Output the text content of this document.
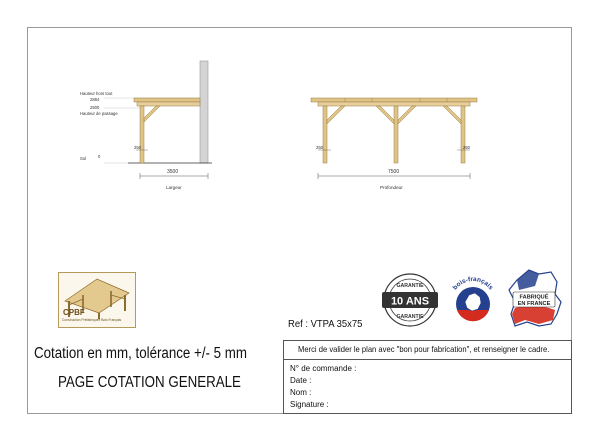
Hauteur hors tout
2884
2500
Hauteur de passage
0
Sol
250
3500
Largeur
250	250
7500
Profondeur
CPBF
Construction Préfabriquée Bois Français
10 ANS
GARANTIE
GARANTIE
bois-français
FABRIQUÉ
EN FRANCE
Ref : VTPA 35x75
Cotation en mm, tolérance +/- 5 mm
PAGE COTATION GENERALE
Merci de valider le plan avec "bon pour fabrication", et renseigner le cadre.
N° de commande :
Date :
Nom :
Signature :
